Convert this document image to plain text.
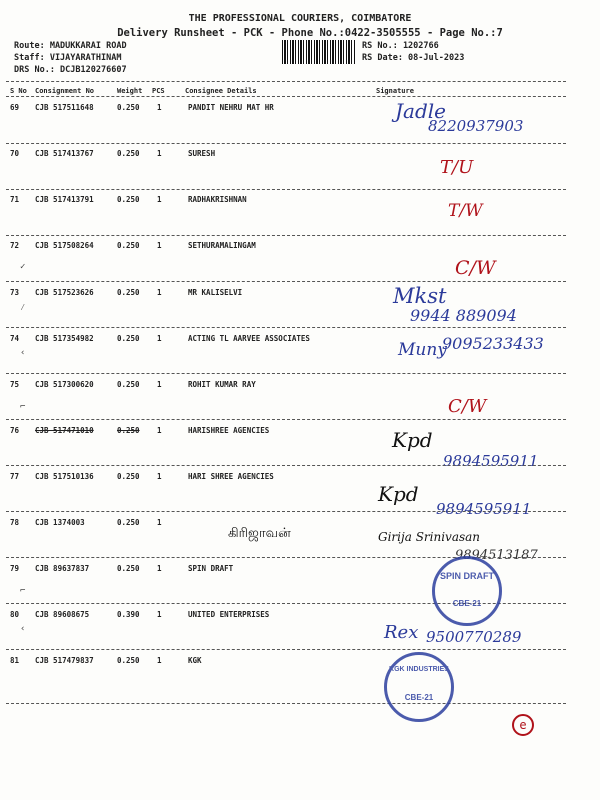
THE PROFESSIONAL COURIERS, COIMBATORE
Delivery Runsheet - PCK - Phone No.:0422-3505555 - Page No.:7
Route: MADUKKARAI ROAD
Staff: VIJAYARATHINAM
DRS No.: DCJB120276607
RS No.: 1202766
RS Date: 08-Jul-2023
S No Consignment No	Weight PCS	Consignee Details	Signature
69 CJB 517511648	0.250 1	PANDIT NEHRU MAT HR	Jadle
8220937903
70 CJB 517413767	0.250 1	SURESH
T/U
71 CJB 517413791	0.250 1	RADHAKRISHNAN
T/W
72 CJB 517508264	0.250 1	SETHURAMALINGAM
C/W
✓
73 CJB 517523626	0.250 1	MR KALISELVI	Mkst
9944 889094
⁄
74 CJB 517354982	0.250 1	ACTING TL AARVEE ASSOCIATES
Muny
9095233433
‹
75 CJB 517300620	0.250 1	ROHIT KUMAR RAY
C/W
⌐
76 CJB 517471010	0.250 1	HARISHREE AGENCIES	Kpd
9894595911
77 CJB 517510136	0.250 1	HARI SHREE AGENCIES
Kpd
9894595911
78 CJB 1374003	0.250 1
கிரிஜாவன்	Girija Srinivasan
9894513187
79 CJB 89637837	0.250 1	SPIN DRAFT
⌐
80 CJB 89608675	0.390 1	UNITED ENTERPRISES
Rex 9500770289
‹
81 CJB 517479837	0.250 1	KGK
SPIN DRAFT
CBE-21
KGK INDUSTRIES
CBE-21
e
